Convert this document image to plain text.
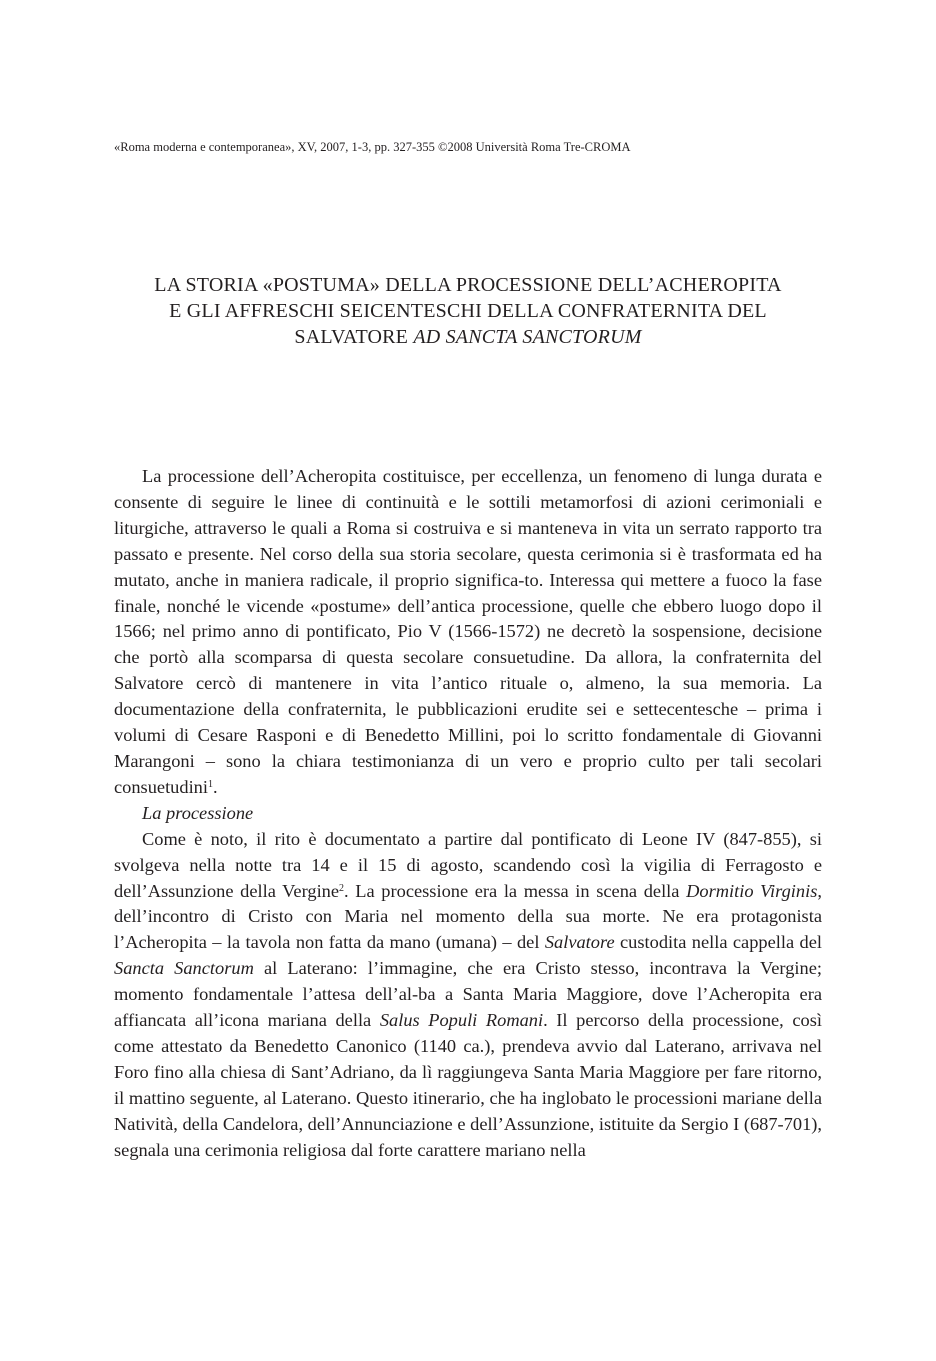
«Roma moderna e contemporanea», XV, 2007, 1-3, pp. 327-355 ©2008 Università Roma Tre-CROMA
LA STORIA «POSTUMA» DELLA PROCESSIONE DELL’ACHEROPITA
E GLI AFFRESCHI SEICENTESCHI DELLA CONFRATERNITA DEL
SALVATORE AD SANCTA SANCTORUM

La processione dell’Acheropita costituisce, per eccellenza, un fenomeno di lunga durata e consente di seguire le linee di continuità e le sottili metamorfosi di azioni cerimoniali e liturgiche, attraverso le quali a Roma si costruiva e si manteneva in vita un serrato rapporto tra passato e presente. Nel corso della sua storia secolare, questa cerimonia si è trasformata ed ha mutato, anche in maniera radicale, il proprio significa-to. Interessa qui mettere a fuoco la fase finale, nonché le vicende «postume» dell’antica processione, quelle che ebbero luogo dopo il 1566; nel primo anno di pontificato, Pio V (1566-1572) ne decretò la sospensione, decisione che portò alla scomparsa di questa secolare consuetudine. Da allora, la confraternita del Salvatore cercò di mantenere in vita l’antico rituale o, almeno, la sua memoria. La documentazione della confraternita, le pubblicazioni erudite sei e settecentesche – prima i volumi di Cesare Rasponi e di Benedetto Millini, poi lo scritto fondamentale di Giovanni Marangoni – sono la chiara testimonianza di un vero e proprio culto per tali secolari consuetudini$^1$.

La processione

Come è noto, il rito è documentato a partire dal pontificato di Leone IV (847-855), si svolgeva nella notte tra 14 e il 15 di agosto, scandendo così la vigilia di Ferragosto e dell’Assunzione della Vergine$^2$. La processione era la messa in scena della Dormitio Virginis, dell’incontro di Cristo con Maria nel momento della sua morte. Ne era protagonista l’Acheropita – la tavola non fatta da mano (umana) – del Salvatore custodita nella cappella del Sancta Sanctorum al Laterano: l’immagine, che era Cristo stesso, incontrava la Vergine; momento fondamentale l’attesa dell’al-ba a Santa Maria Maggiore, dove l’Acheropita era affiancata all’icona mariana della Salus Populi Romani. Il percorso della processione, così come attestato da Benedetto Canonico (1140 ca.), prendeva avvio dal Laterano, arrivava nel Foro fino alla chiesa di Sant’Adriano, da lì raggiungeva Santa Maria Maggiore per fare ritorno, il mattino seguente, al Laterano. Questo itinerario, che ha inglobato le processioni mariane della Natività, della Candelora, dell’Annunciazione e dell’Assunzione, istituite da Sergio I (687-701), segnala una cerimonia religiosa dal forte carattere mariano nella
